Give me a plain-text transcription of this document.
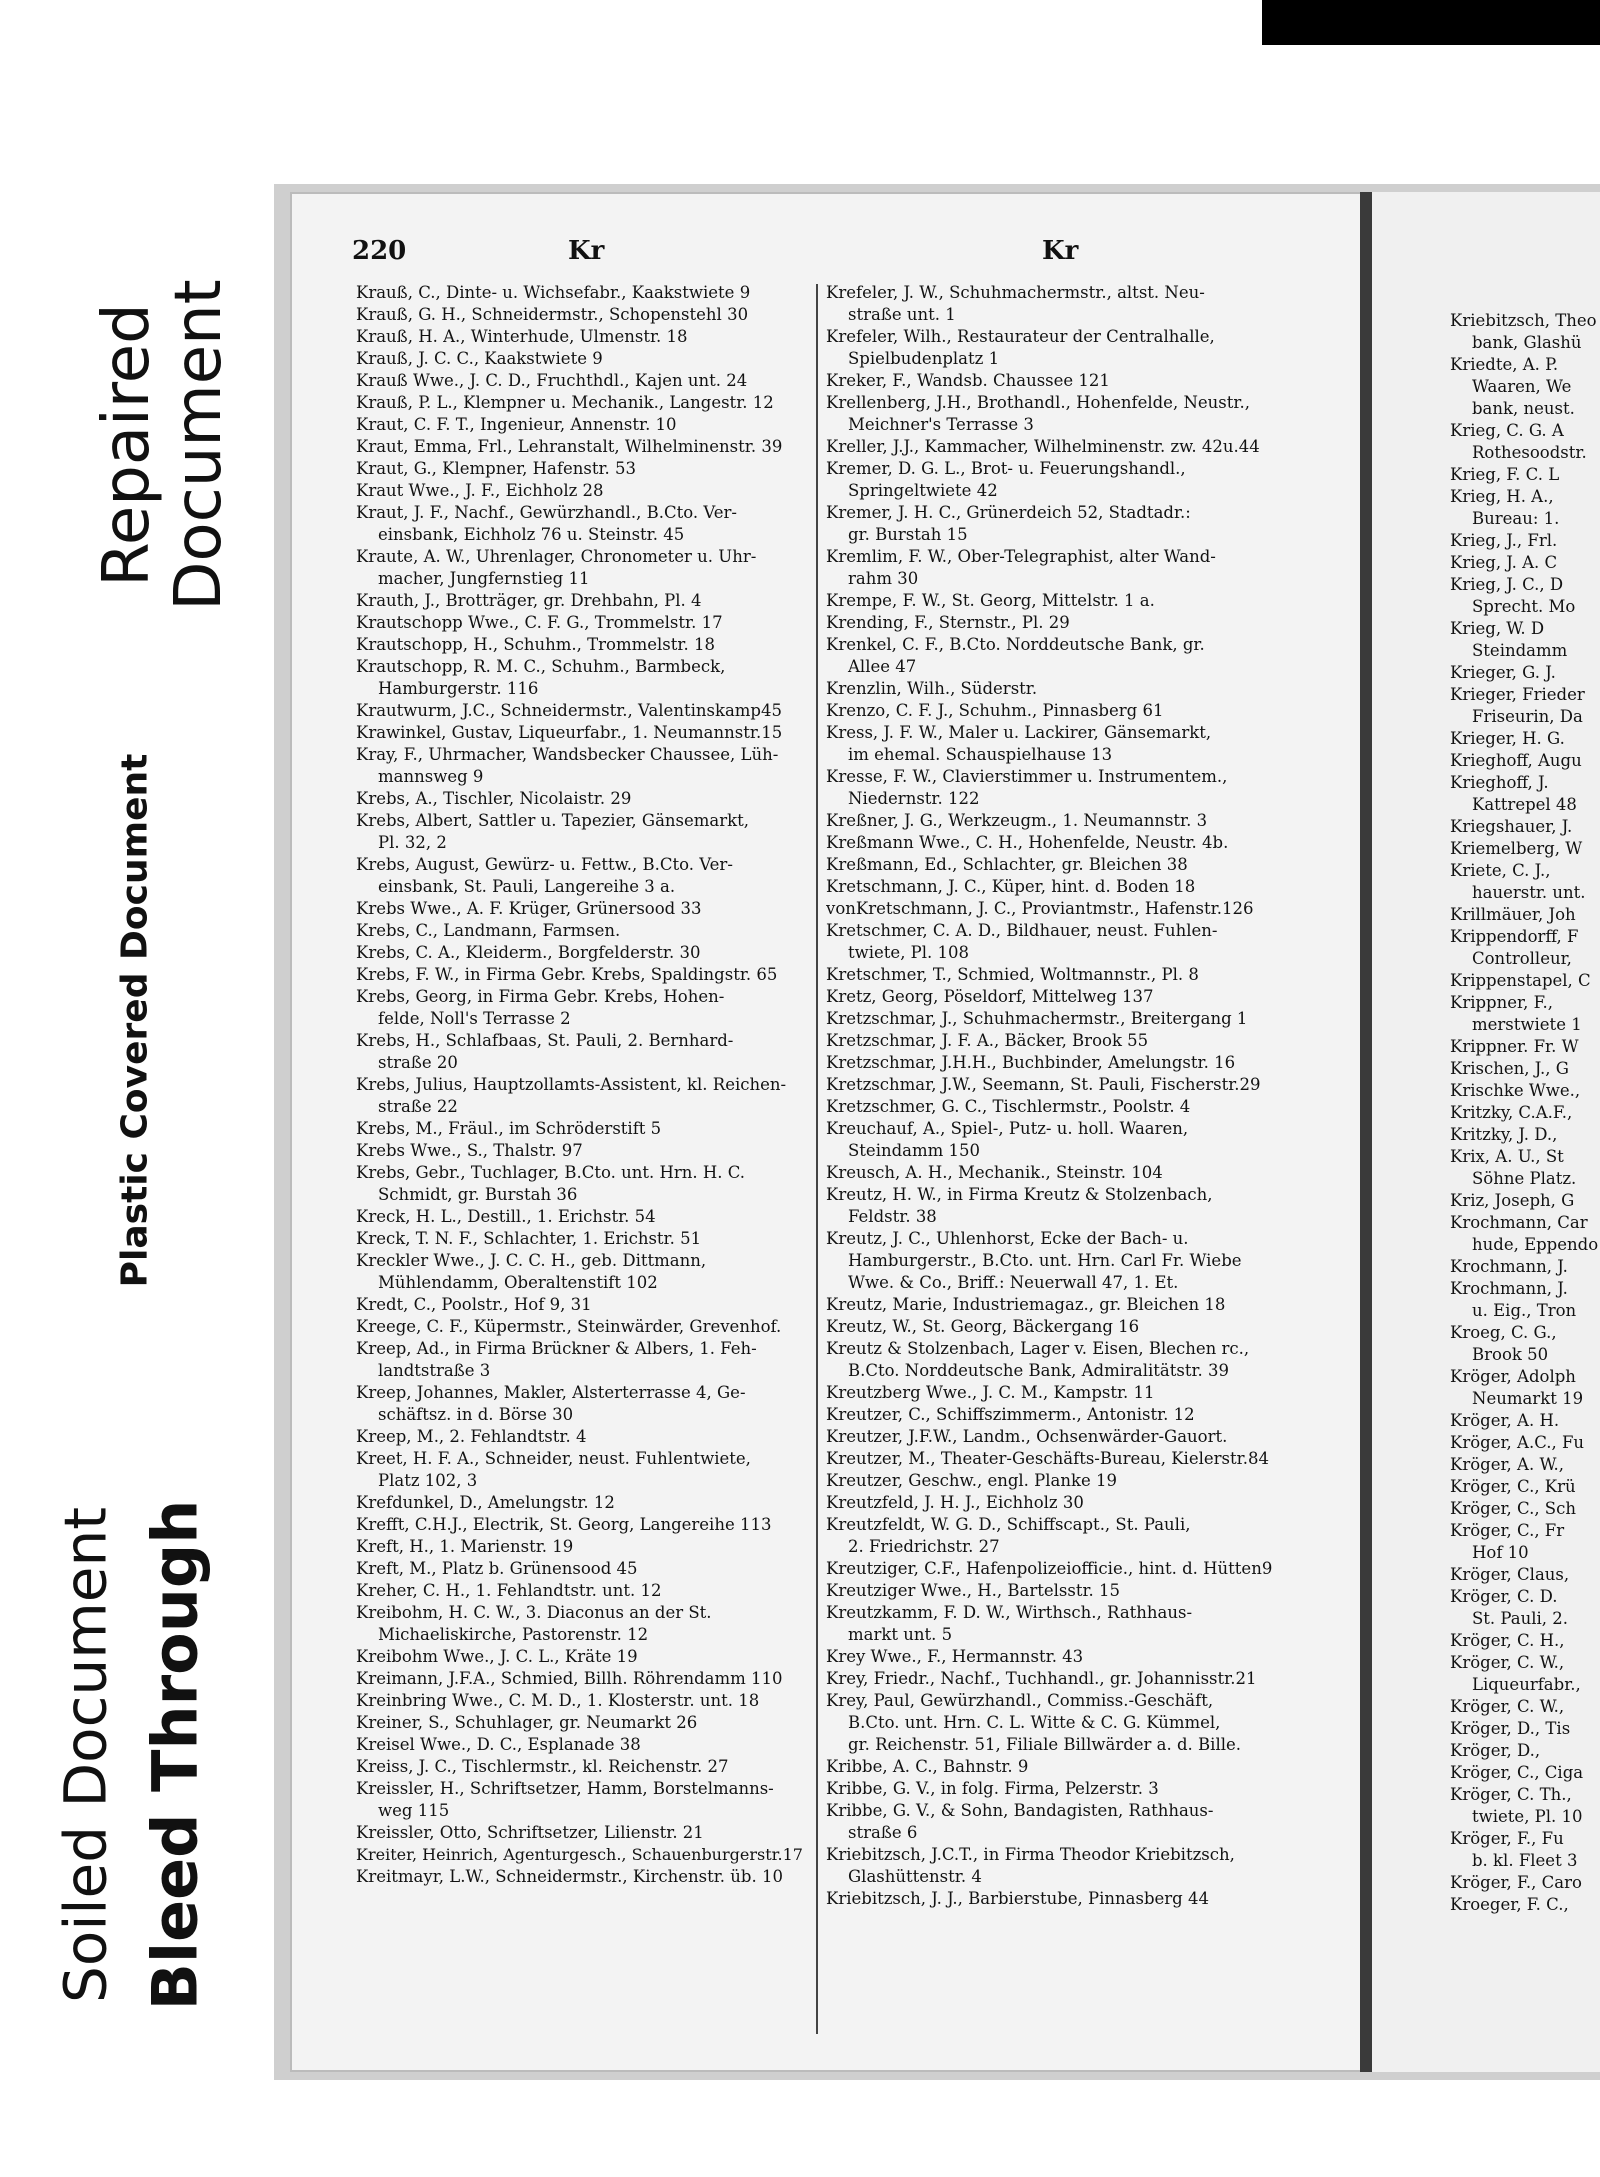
Repaired
Document
Plastic Covered Document
Soiled Document Bleed Through
220	Kr	Kr
Krauß, C., Dinte- u. Wichsefabr., Kaakstwiete 9
Krauß, G. H., Schneidermstr., Schopenstehl 30
Krauß, H. A., Winterhude, Ulmenstr. 18
Krauß, J. C. C., Kaakstwiete 9
Krauß Wwe., J. C. D., Fruchthdl., Kajen unt. 24
Krauß, P. L., Klempner u. Mechanik., Langestr. 12
Kraut, C. F. T., Ingenieur, Annenstr. 10
Kraut, Emma, Frl., Lehranstalt, Wilhelminenstr. 39
Kraut, G., Klempner, Hafenstr. 53
Kraut Wwe., J. F., Eichholz 28
Kraut, J. F., Nachf., Gewürzhandl., B.Cto. Ver-
einsbank, Eichholz 76 u. Steinstr. 45
Kraute, A. W., Uhrenlager, Chronometer u. Uhr-
macher, Jungfernstieg 11
Krauth, J., Brotträger, gr. Drehbahn, Pl. 4
Krautschopp Wwe., C. F. G., Trommelstr. 17
Krautschopp, H., Schuhm., Trommelstr. 18
Krautschopp, R. M. C., Schuhm., Barmbeck,
Hamburgerstr. 116
Krautwurm, J.C., Schneidermstr., Valentinskamp45
Krawinkel, Gustav, Liqueurfabr., 1. Neumannstr.15
Kray, F., Uhrmacher, Wandsbecker Chaussee, Lüh-
mannsweg 9
Krebs, A., Tischler, Nicolaistr. 29
Krebs, Albert, Sattler u. Tapezier, Gänsemarkt,
Pl. 32, 2
Krebs, August, Gewürz- u. Fettw., B.Cto. Ver-
einsbank, St. Pauli, Langereihe 3 a.
Krebs Wwe., A. F. Krüger, Grünersood 33
Krebs, C., Landmann, Farmsen.
Krebs, C. A., Kleiderm., Borgfelderstr. 30
Krebs, F. W., in Firma Gebr. Krebs, Spaldingstr. 65
Krebs, Georg, in Firma Gebr. Krebs, Hohen-
felde, Noll's Terrasse 2
Krebs, H., Schlafbaas, St. Pauli, 2. Bernhard-
straße 20
Krebs, Julius, Hauptzollamts-Assistent, kl. Reichen-
straße 22
Krebs, M., Fräul., im Schröderstift 5
Krebs Wwe., S., Thalstr. 97
Krebs, Gebr., Tuchlager, B.Cto. unt. Hrn. H. C.
Schmidt, gr. Burstah 36
Kreck, H. L., Destill., 1. Erichstr. 54
Kreck, T. N. F., Schlachter, 1. Erichstr. 51
Kreckler Wwe., J. C. C. H., geb. Dittmann,
Mühlendamm, Oberaltenstift 102
Kredt, C., Poolstr., Hof 9, 31
Kreege, C. F., Küpermstr., Steinwärder, Grevenhof.
Kreep, Ad., in Firma Brückner & Albers, 1. Feh-
landtstraße 3
Kreep, Johannes, Makler, Alsterterrasse 4, Ge-
schäftsz. in d. Börse 30
Kreep, M., 2. Fehlandtstr. 4
Kreet, H. F. A., Schneider, neust. Fuhlentwiete,
Platz 102, 3
Krefdunkel, D., Amelungstr. 12
Krefft, C.H.J., Electrik, St. Georg, Langereihe 113
Kreft, H., 1. Marienstr. 19
Kreft, M., Platz b. Grünensood 45
Kreher, C. H., 1. Fehlandtstr. unt. 12
Kreibohm, H. C. W., 3. Diaconus an der St.
Michaeliskirche, Pastorenstr. 12
Kreibohm Wwe., J. C. L., Kräte 19
Kreimann, J.F.A., Schmied, Billh. Röhrendamm 110
Kreinbring Wwe., C. M. D., 1. Klosterstr. unt. 18
Kreiner, S., Schuhlager, gr. Neumarkt 26
Kreisel Wwe., D. C., Esplanade 38
Kreiss, J. C., Tischlermstr., kl. Reichenstr. 27
Kreissler, H., Schriftsetzer, Hamm, Borstelmanns-
weg 115
Kreissler, Otto, Schriftsetzer, Lilienstr. 21
Kreiter, Heinrich, Agenturgesch., Schauenburgerstr.17
Kreitmayr, L.W., Schneidermstr., Kirchenstr. üb. 10
Krefeler, J. W., Schuhmachermstr., altst. Neu-
straße unt. 1
Krefeler, Wilh., Restaurateur der Centralhalle,
Spielbudenplatz 1
Kreker, F., Wandsb. Chaussee 121
Krellenberg, J.H., Brothandl., Hohenfelde, Neustr.,
Meichner's Terrasse 3
Kreller, J.J., Kammacher, Wilhelminenstr. zw. 42u.44
Kremer, D. G. L., Brot- u. Feuerungshandl.,
Springeltwiete 42
Kremer, J. H. C., Grünerdeich 52, Stadtadr.:
gr. Burstah 15
Kremlim, F. W., Ober-Telegraphist, alter Wand-
rahm 30
Krempe, F. W., St. Georg, Mittelstr. 1 a.
Krending, F., Sternstr., Pl. 29
Krenkel, C. F., B.Cto. Norddeutsche Bank, gr.
Allee 47
Krenzlin, Wilh., Süderstr.
Krenzo, C. F. J., Schuhm., Pinnasberg 61
Kress, J. F. W., Maler u. Lackirer, Gänsemarkt,
im ehemal. Schauspielhause 13
Kresse, F. W., Clavierstimmer u. Instrumentem.,
Niedernstr. 122
Kreßner, J. G., Werkzeugm., 1. Neumannstr. 3
Kreßmann Wwe., C. H., Hohenfelde, Neustr. 4b.
Kreßmann, Ed., Schlachter, gr. Bleichen 38
Kretschmann, J. C., Küper, hint. d. Boden 18
vonKretschmann, J. C., Proviantmstr., Hafenstr.126
Kretschmer, C. A. D., Bildhauer, neust. Fuhlen-
twiete, Pl. 108
Kretschmer, T., Schmied, Woltmannstr., Pl. 8
Kretz, Georg, Pöseldorf, Mittelweg 137
Kretzschmar, J., Schuhmachermstr., Breitergang 1
Kretzschmar, J. F. A., Bäcker, Brook 55
Kretzschmar, J.H.H., Buchbinder, Amelungstr. 16
Kretzschmar, J.W., Seemann, St. Pauli, Fischerstr.29
Kretzschmer, G. C., Tischlermstr., Poolstr. 4
Kreuchauf, A., Spiel-, Putz- u. holl. Waaren,
Steindamm 150
Kreusch, A. H., Mechanik., Steinstr. 104
Kreutz, H. W., in Firma Kreutz & Stolzenbach,
Feldstr. 38
Kreutz, J. C., Uhlenhorst, Ecke der Bach- u.
Hamburgerstr., B.Cto. unt. Hrn. Carl Fr. Wiebe
Wwe. & Co., Briff.: Neuerwall 47, 1. Et.
Kreutz, Marie, Industriemagaz., gr. Bleichen 18
Kreutz, W., St. Georg, Bäckergang 16
Kreutz & Stolzenbach, Lager v. Eisen, Blechen rc.,
B.Cto. Norddeutsche Bank, Admiralitätstr. 39
Kreutzberg Wwe., J. C. M., Kampstr. 11
Kreutzer, C., Schiffszimmerm., Antonistr. 12
Kreutzer, J.F.W., Landm., Ochsenwärder-Gauort.
Kreutzer, M., Theater-Geschäfts-Bureau, Kielerstr.84
Kreutzer, Geschw., engl. Planke 19
Kreutzfeld, J. H. J., Eichholz 30
Kreutzfeldt, W. G. D., Schiffscapt., St. Pauli,
2. Friedrichstr. 27
Kreutziger, C.F., Hafenpolizeiofficie., hint. d. Hütten9
Kreutziger Wwe., H., Bartelsstr. 15
Kreutzkamm, F. D. W., Wirthsch., Rathhaus-
markt unt. 5
Krey Wwe., F., Hermannstr. 43
Krey, Friedr., Nachf., Tuchhandl., gr. Johannisstr.21
Krey, Paul, Gewürzhandl., Commiss.-Geschäft,
B.Cto. unt. Hrn. C. L. Witte & C. G. Kümmel,
gr. Reichenstr. 51, Filiale Billwärder a. d. Bille.
Kribbe, A. C., Bahnstr. 9
Kribbe, G. V., in folg. Firma, Pelzerstr. 3
Kribbe, G. V., & Sohn, Bandagisten, Rathhaus-
straße 6
Kriebitzsch, J.C.T., in Firma Theodor Kriebitzsch,
Glashüttenstr. 4
Kriebitzsch, J. J., Barbierstube, Pinnasberg 44
Kriebitzsch, Theo
bank, Glashü
Kriedte, A. P.
Waaren, We
bank, neust.
Krieg, C. G. A
Rothesoodstr.
Krieg, F. C. L
Krieg, H. A.,
Bureau: 1.
Krieg, J., Frl.
Krieg, J. A. C
Krieg, J. C., D
Sprecht. Mo
Krieg, W. D
Steindamm
Krieger, G. J.
Krieger, Frieder
Friseurin, Da
Krieger, H. G.
Krieghoff, Augu
Krieghoff, J.
Kattrepel 48
Kriegshauer, J.
Kriemelberg, W
Kriete, C. J.,
hauerstr. unt.
Krillmäuer, Joh
Krippendorff, F
Controlleur,
Krippenstapel, C
Krippner, F.,
merstwiete 1
Krippner. Fr. W
Krischen, J., G
Krischke Wwe.,
Kritzky, C.A.F.,
Kritzky, J. D.,
Krix, A. U., St
Söhne Platz.
Kriz, Joseph, G
Krochmann, Car
hude, Eppendo
Krochmann, J.
Krochmann, J.
u. Eig., Tron
Kroeg, C. G.,
Brook 50
Kröger, Adolph
Neumarkt 19
Kröger, A. H.
Kröger, A.C., Fu
Kröger, A. W.,
Kröger, C., Krü
Kröger, C., Sch
Kröger, C., Fr
Hof 10
Kröger, Claus,
Kröger, C. D.
St. Pauli, 2.
Kröger, C. H.,
Kröger, C. W.,
Liqueurfabr.,
Kröger, C. W.,
Kröger, D., Tis
Kröger, D.,
Kröger, C., Ciga
Kröger, C. Th.,
twiete, Pl. 10
Kröger, F., Fu
b. kl. Fleet 3
Kröger, F., Caro
Kroeger, F. C.,
